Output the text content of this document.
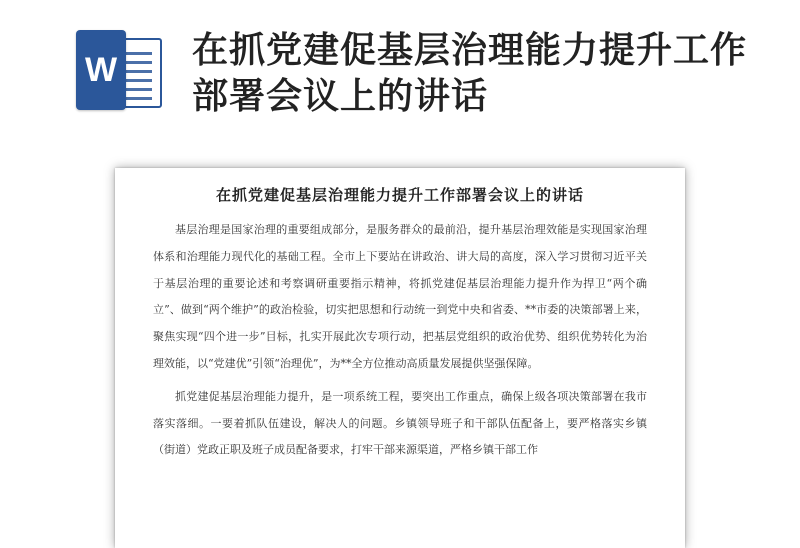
W 在抓党建促基层治理能力提升工作部署会议上的讲话
在抓党建促基层治理能力提升工作部署会议上的讲话

基层治理是国家治理的重要组成部分，是服务群众的最前沿，提升基层治理效能是实现国家治理体系和治理能力现代化的基础工程。全市上下要站在讲政治、讲大局的高度，深入学习贯彻习近平关于基层治理的重要论述和考察调研重要指示精神，将抓党建促基层治理能力提升作为捍卫“两个确立”、做到“两个维护”的政治检验，切实把思想和行动统一到党中央和省委、**市委的决策部署上来，聚焦实现“四个进一步”目标，扎实开展此次专项行动，把基层党组织的政治优势、组织优势转化为治理效能，以“党建优”引领“治理优”，为**全方位推动高质量发展提供坚强保障。

抓党建促基层治理能力提升，是一项系统工程，要突出工作重点，确保上级各项决策部署在我市落实落细。一要着抓队伍建设，解决人的问题。乡镇领导班子和干部队伍配备上，要严格落实乡镇（街道）党政正职及班子成员配备要求，打牢干部来源渠道，严格乡镇干部工作
